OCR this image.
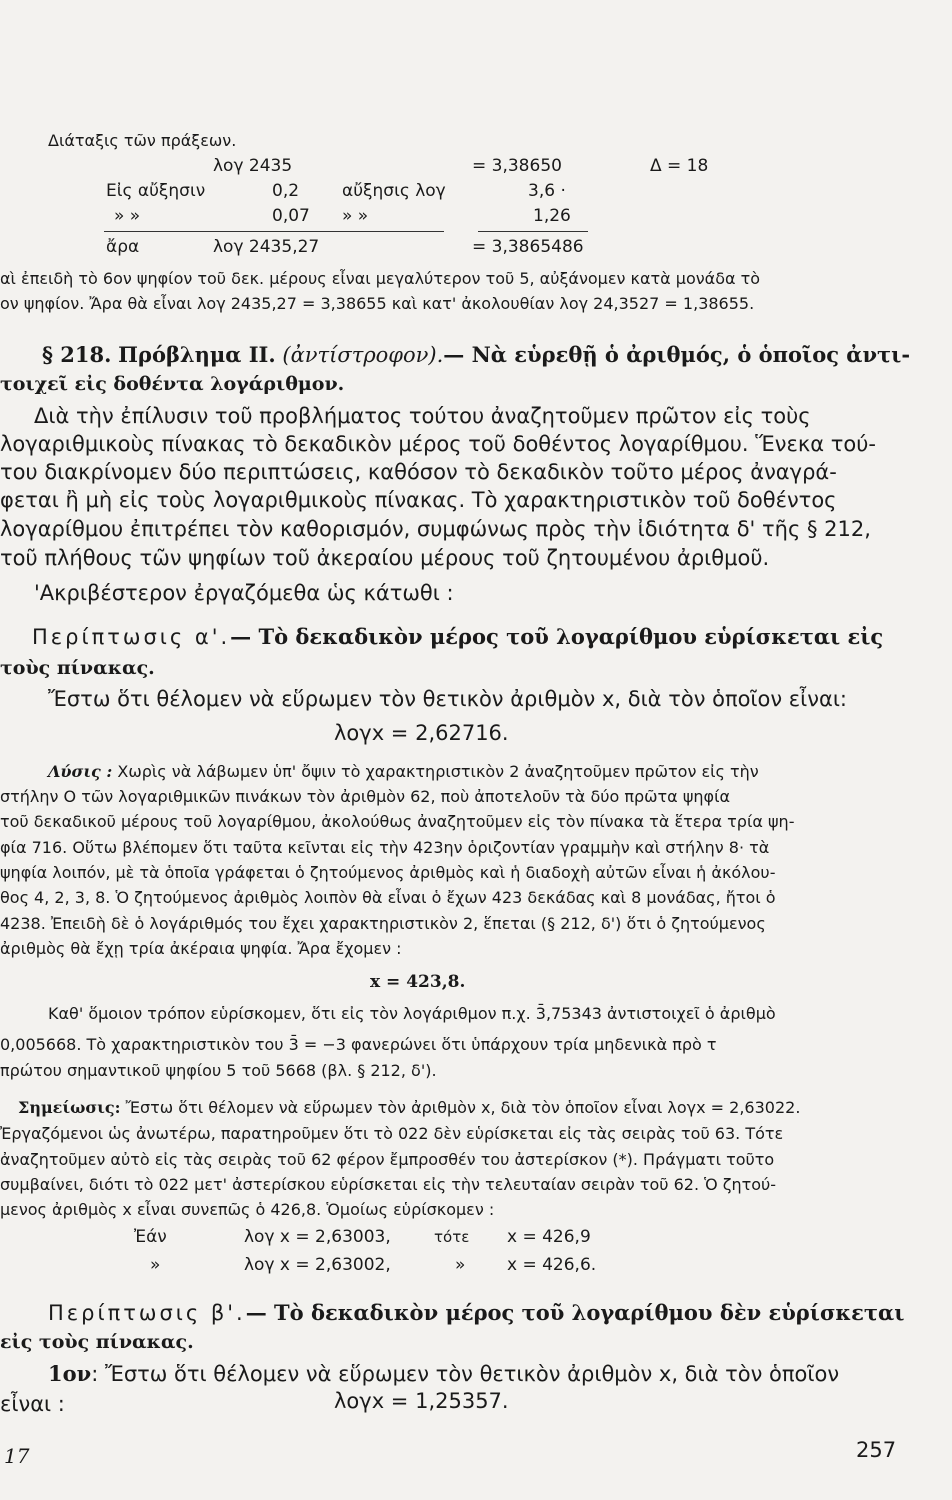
Διάταξις τῶν πράξεων.
λογ 2435	= 3,38650	Δ = 18
Εἰς αὔξησιν	0,2	αὔξησις λογ	3,6 ·
» »	0,07 » »	1,26
ἄρα	λογ 2435,27	= 3,3865486
αὶ ἐπειδὴ τὸ 6ον ψηφίον τοῦ δεκ. μέρους εἶναι μεγαλύτερον τοῦ 5, αὐξάνομεν κατὰ μονάδα τὸ
ον ψηφίον. Ἄρα θὰ εἶναι λογ 2435,27 = 3,38655 καὶ κατ' ἀκολουθίαν λογ 24,3527 = 1,38655.
§ 218. Πρόβλημα ΙΙ. (ἀντίστροφον).— Νὰ εὑρεθῇ ὁ ἀριθμός, ὁ ὁποῖος ἀντι-
τοιχεῖ εἰς δοθέντα λογάριθμον.
Διὰ τὴν ἐπίλυσιν τοῦ προβλήματος τούτου ἀναζητοῦμεν πρῶτον εἰς τοὺς
λογαριθμικοὺς πίνακας τὸ δεκαδικὸν μέρος τοῦ δοθέντος λογαρίθμου. Ἕνεκα τού-
του διακρίνομεν δύο περιπτώσεις, καθόσον τὸ δεκαδικὸν τοῦτο μέρος ἀναγρά-
φεται ἢ μὴ εἰς τοὺς λογαριθμικοὺς πίνακας. Τὸ χαρακτηριστικὸν τοῦ δοθέντος
λογαρίθμου ἐπιτρέπει τὸν καθορισμόν, συμφώνως πρὸς τὴν ἰδιότητα δ' τῆς § 212,
τοῦ πλήθους τῶν ψηφίων τοῦ ἀκεραίου μέρους τοῦ ζητουμένου ἀριθμοῦ.
'Ακριβέστερον ἐργαζόμεθα ὡς κάτωθι :
Περίπτωσις α'.— Τὸ δεκαδικὸν μέρος τοῦ λογαρίθμου εὑρίσκεται εἰς
τοὺς πίνακας.
Ἔστω ὅτι θέλομεν νὰ εὕρωμεν τὸν θετικὸν ἀριθμὸν x, διὰ τὸν ὁποῖον εἶναι:
λογx = 2,62716.
Λύσις : Χωρὶς νὰ λάβωμεν ὑπ' ὄψιν τὸ χαρακτηριστικὸν 2 ἀναζητοῦμεν πρῶτον εἰς τὴν
στήλην Ο τῶν λογαριθμικῶν πινάκων τὸν ἀριθμὸν 62, ποὺ ἀποτελοῦν τὰ δύο πρῶτα ψηφία
τοῦ δεκαδικοῦ μέρους τοῦ λογαρίθμου, ἀκολούθως ἀναζητοῦμεν εἰς τὸν πίνακα τὰ ἕτερα τρία ψη-
φία 716. Οὕτω βλέπομεν ὅτι ταῦτα κεῖνται εἰς τὴν 423ην ὁριζοντίαν γραμμὴν καὶ στήλην 8· τὰ
ψηφία λοιπόν, μὲ τὰ ὁποῖα γράφεται ὁ ζητούμενος ἀριθμὸς καὶ ἡ διαδοχὴ αὐτῶν εἶναι ἡ ἀκόλου-
θος 4, 2, 3, 8. Ὁ ζητούμενος ἀριθμὸς λοιπὸν θὰ εἶναι ὁ ἔχων 423 δεκάδας καὶ 8 μονάδας, ἤτοι ὁ
4238. Ἐπειδὴ δὲ ὁ λογάριθμός του ἔχει χαρακτηριστικὸν 2, ἕπεται (§ 212, δ') ὅτι ὁ ζητούμενος
ἀριθμὸς θὰ ἔχῃ τρία ἀκέραια ψηφία. Ἄρα ἔχομεν :
x = 423,8.
Καθ' ὅμοιον τρόπον εὑρίσκομεν, ὅτι εἰς τὸν λογάριθμον π.χ. 3̄,75343 ἀντιστοιχεῖ ὁ ἀριθμὸ
0,005668. Τὸ χαρακτηριστικὸν του 3̄ = −3 φανερώνει ὅτι ὑπάρχουν τρία μηδενικὰ πρὸ τ
πρώτου σημαντικοῦ ψηφίου 5 τοῦ 5668 (βλ. § 212, δ').
Σημείωσις: Ἔστω ὅτι θέλομεν νὰ εὕρωμεν τὸν ἀριθμὸν x, διὰ τὸν ὁποῖον εἶναι λογx = 2,63022.
Ἐργαζόμενοι ὡς ἀνωτέρω, παρατηροῦμεν ὅτι τὸ 022 δὲν εὑρίσκεται εἰς τὰς σειρὰς τοῦ 63. Τότε
ἀναζητοῦμεν αὐτὸ εἰς τὰς σειρὰς τοῦ 62 φέρον ἔμπροσθέν του ἀστερίσκον (*). Πράγματι τοῦτο
συμβαίνει, διότι τὸ 022 μετ' ἀστερίσκου εὑρίσκεται εἰς τὴν τελευταίαν σειρὰν τοῦ 62. Ὁ ζητού-
μενος ἀριθμὸς x εἶναι συνεπῶς ὁ 426,8. Ὁμοίως εὑρίσκομεν :
Ἐάν	λογ x = 2,63003,	τότε x = 426,9
»	λογ x = 2,63002,	» x = 426,6.
Περίπτωσις β'.— Τὸ δεκαδικὸν μέρος τοῦ λογαρίθμου δὲν εὑρίσκεται
εἰς τοὺς πίνακας.
1ον: Ἔστω ὅτι θέλομεν νὰ εὕρωμεν τὸν θετικὸν ἀριθμὸν x, διὰ τὸν ὁποῖον
εἶναι :	λογx = 1,25357.
17	257
